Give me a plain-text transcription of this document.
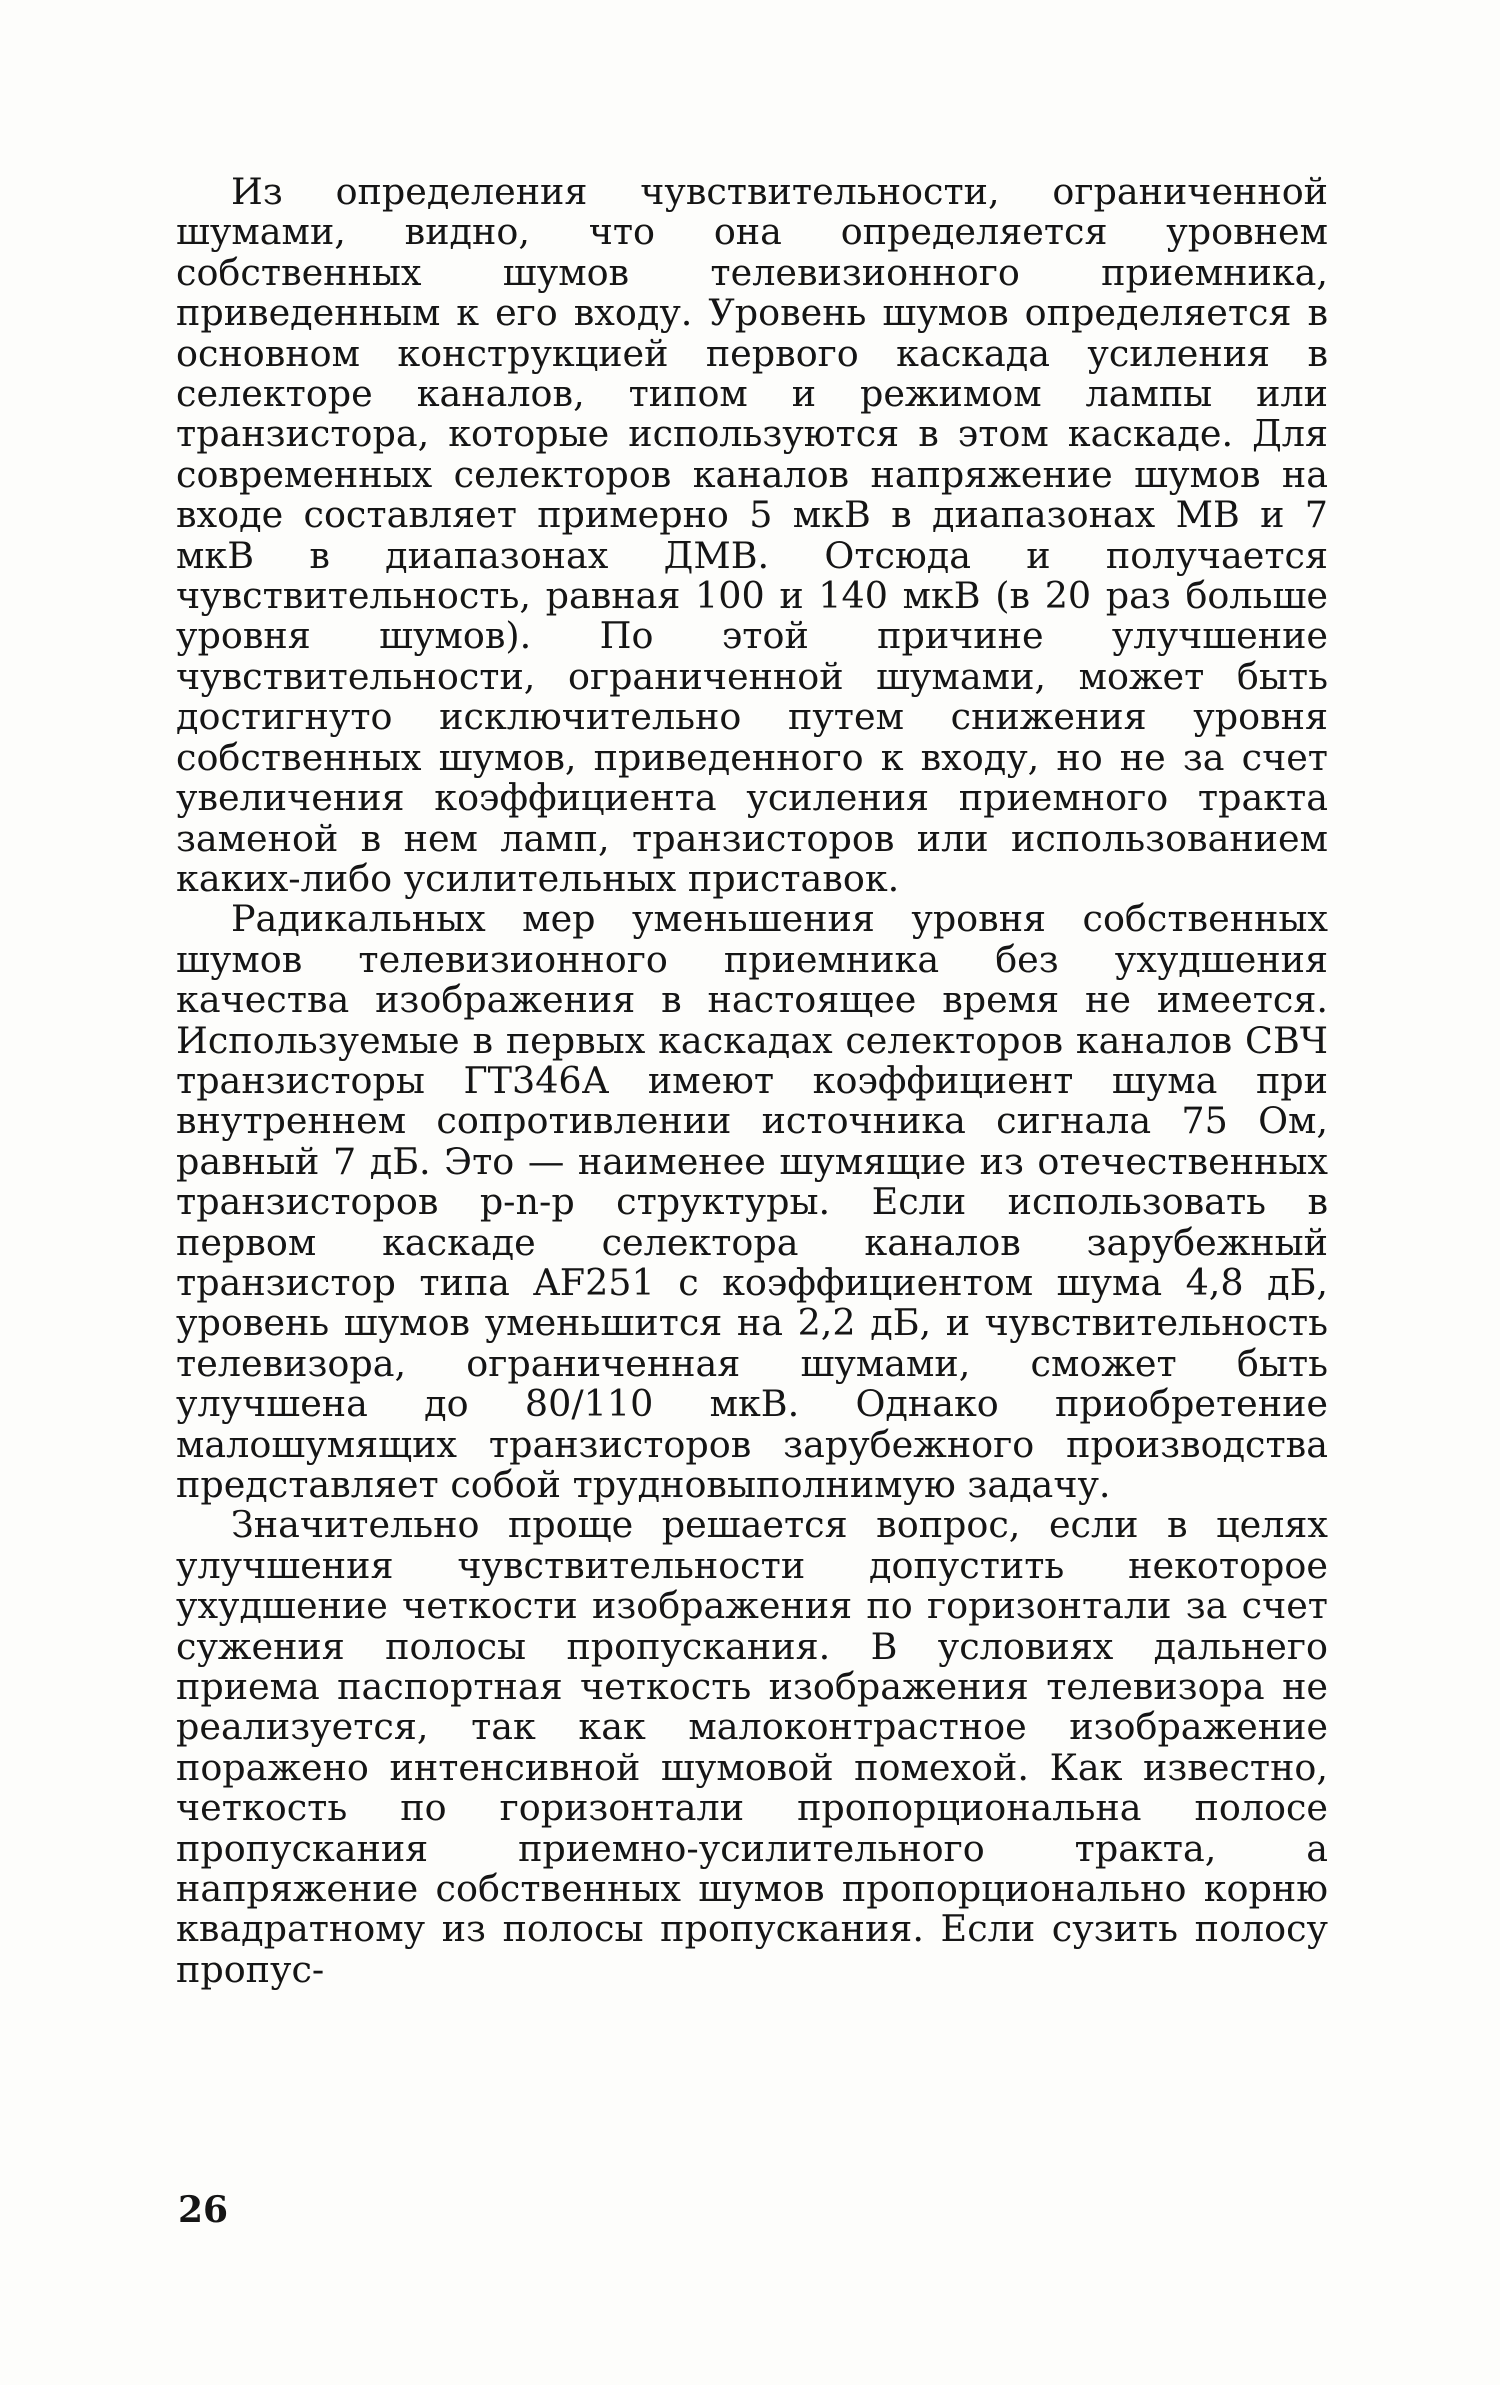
Из определения чувствительности, ограниченной шумами, видно, что она определяется уровнем собственных шумов телевизионного приемника, приведенным к его входу. Уровень шумов определяется в основном конструкцией первого каскада усиления в селекторе каналов, типом и режимом лампы или транзистора, которые используются в этом каскаде. Для современных селекторов каналов напряжение шумов на входе составляет примерно 5 мкВ в диапазонах МВ и 7 мкВ в диапазонах ДМВ. Отсюда и получается чувствительность, равная 100 и 140 мкВ (в 20 раз больше уровня шумов). По этой причине улучшение чувствительности, ограниченной шумами, может быть достигнуто исключительно путем снижения уровня собственных шумов, приведенного к входу, но не за счет увеличения коэффициента усиления приемного тракта заменой в нем ламп, транзисторов или использованием каких-либо усилительных приставок.

Радикальных мер уменьшения уровня собственных шумов телевизионного приемника без ухудшения качества изображения в настоящее время не имеется. Используемые в первых каскадах селекторов каналов СВЧ транзисторы ГТ346А имеют коэффициент шума при внутреннем сопротивлении источника сигнала 75 Ом, равный 7 дБ. Это — наименее шумящие из отечественных транзисторов p-n-p структуры. Если использовать в первом каскаде селектора каналов зарубежный транзистор типа AF251 с коэффициентом шума 4,8 дБ, уровень шумов уменьшится на 2,2 дБ, и чувствительность телевизора, ограниченная шумами, сможет быть улучшена до 80/110 мкВ. Однако приобретение малошумящих транзисторов зарубежного производства представляет собой трудновыполнимую задачу.

Значительно проще решается вопрос, если в целях улучшения чувствительности допустить некоторое ухудшение четкости изображения по горизонтали за счет сужения полосы пропускания. В условиях дальнего приема паспортная четкость изображения телевизора не реализуется, так как малоконтрастное изображение поражено интенсивной шумовой помехой. Как известно, четкость по горизонтали пропорциональна полосе пропускания приемно-усилительного тракта, а напряжение собственных шумов пропорционально корню квадратному из полосы пропускания. Если сузить полосу пропус-

26
